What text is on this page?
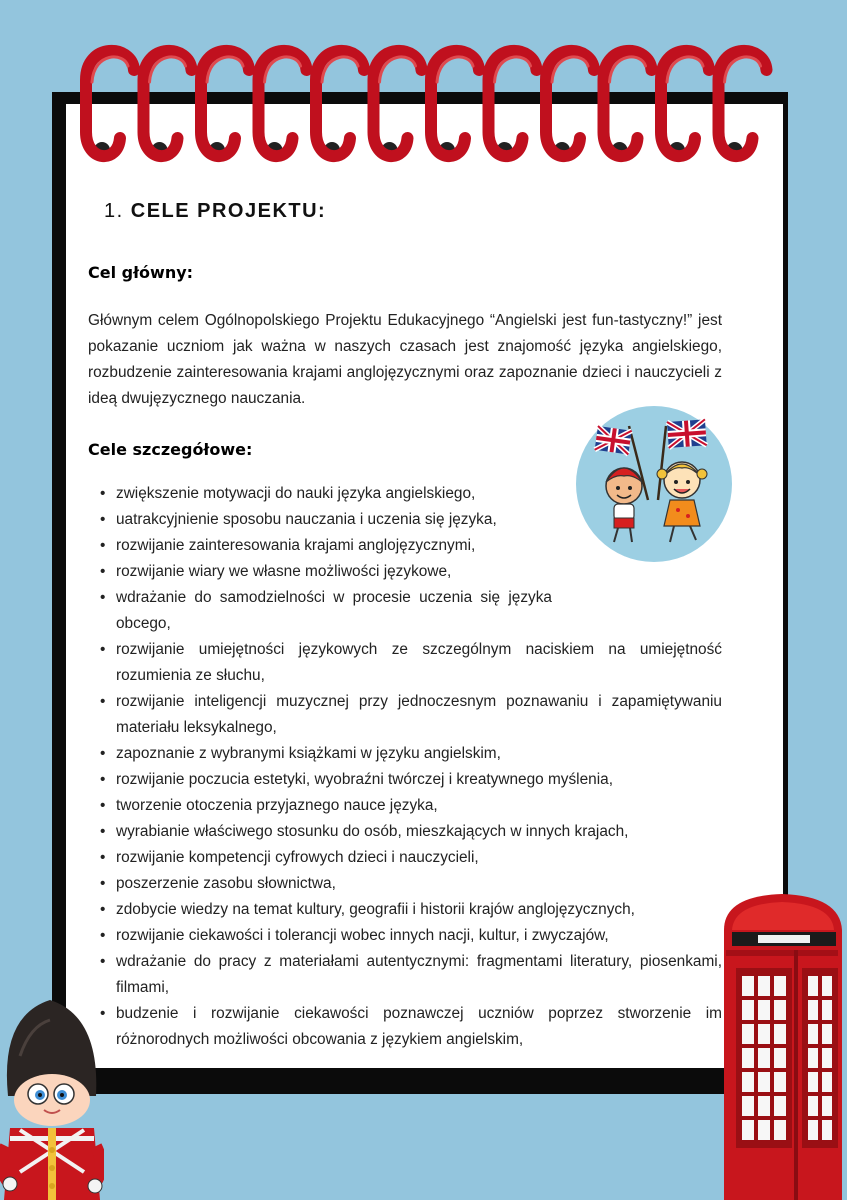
1. CELE PROJEKTU:

Cel główny:

Głównym celem Ogólnopolskiego Projektu Edukacyjnego “Angielski jest fun-tastyczny!” jest pokazanie uczniom jak ważna w naszych czasach jest znajomość języka angielskiego, rozbudzenie zainteresowania krajami anglojęzycznymi oraz zapoznanie dzieci i nauczycieli z ideą dwujęzycznego nauczania.

Cele szczegółowe:

• zwiększenie motywacji do nauki języka angielskiego,
• uatrakcyjnienie sposobu nauczania i uczenia się języka,
• rozwijanie zainteresowania krajami anglojęzycznymi,
• rozwijanie wiary we własne możliwości językowe,
• wdrażanie do samodzielności w procesie uczenia się języka obcego,
• rozwijanie umiejętności językowych ze szczególnym naciskiem na umiejętność rozumienia ze słuchu,
• rozwijanie inteligencji muzycznej przy jednoczesnym poznawaniu i zapamiętywaniu materiału leksykalnego,
• zapoznanie z wybranymi książkami w języku angielskim,
• rozwijanie poczucia estetyki, wyobraźni twórczej i kreatywnego myślenia,
• tworzenie otoczenia przyjaznego nauce języka,
• wyrabianie właściwego stosunku do osób, mieszkających w innych krajach,
• rozwijanie kompetencji cyfrowych dzieci i nauczycieli,
• poszerzenie zasobu słownictwa,
• zdobycie wiedzy na temat kultury, geografii i historii krajów anglojęzycznych,
• rozwijanie ciekawości i tolerancji wobec innych nacji, kultur, i zwyczajów,
• wdrażanie do pracy z materiałami autentycznymi: fragmentami literatury, piosenkami, filmami,
• budzenie i rozwijanie ciekawości poznawczej uczniów poprzez stworzenie im różnorodnych możliwości obcowania z językiem angielskim,
